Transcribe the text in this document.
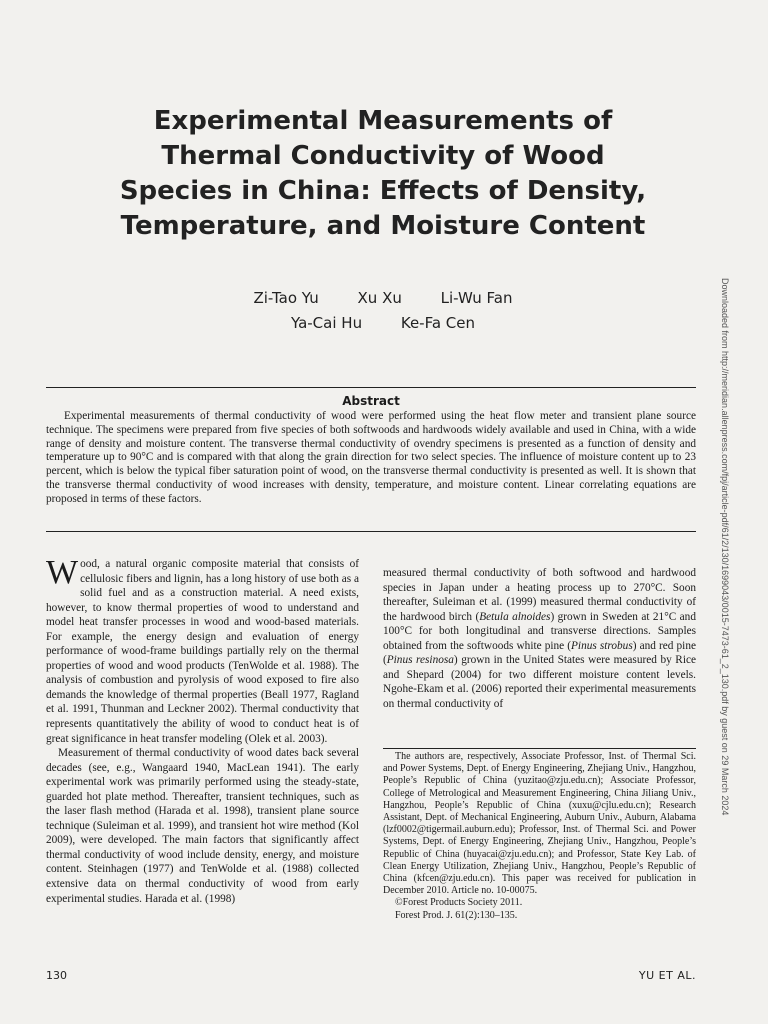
Experimental Measurements of
Thermal Conductivity of Wood
Species in China: Effects of Density,
Temperature, and Moisture Content
Zi-Tao Yu	Xu Xu	Li-Wu Fan
Ya-Cai Hu	Ke-Fa Cen
Abstract

Experimental measurements of thermal conductivity of wood were performed using the heat flow meter and transient plane source technique. The specimens were prepared from five species of both softwoods and hardwoods widely available and used in China, with a wide range of density and moisture content. The transverse thermal conductivity of ovendry specimens is presented as a function of density and temperature up to 90°C and is compared with that along the grain direction for two select species. The influence of moisture content up to 23 percent, which is below the typical fiber saturation point of wood, on the transverse thermal conductivity is presented as well. It is shown that the transverse thermal conductivity of wood increases with density, temperature, and moisture content. Linear correlating equations are proposed in terms of these factors.

Wood, a natural organic composite material that consists of cellulosic fibers and lignin, has a long history of use both as a solid fuel and as a construction material. A need exists, however, to know thermal properties of wood to understand and model heat transfer processes in wood and wood-based materials. For example, the energy design and evaluation of energy performance of wood-frame buildings partially rely on the thermal properties of wood and wood products (TenWolde et al. 1988). The analysis of combustion and pyrolysis of wood exposed to fire also demands the knowledge of thermal properties (Beall 1977, Ragland et al. 1991, Thunman and Leckner 2002). Thermal conductivity that represents quantitatively the ability of wood to conduct heat is of great significance in heat transfer modeling (Olek et al. 2003).

Measurement of thermal conductivity of wood dates back several decades (see, e.g., Wangaard 1940, MacLean 1941). The early experimental work was primarily performed using the steady-state, guarded hot plate method. Thereafter, transient techniques, such as the laser flash method (Harada et al. 1998), transient plane source technique (Suleiman et al. 1999), and transient hot wire method (Kol 2009), were developed. The main factors that significantly affect thermal conductivity of wood include density, energy, and moisture content. Steinhagen (1977) and TenWolde et al. (1988) collected extensive data on thermal conductivity of wood from early experimental studies. Harada et al. (1998)

measured thermal conductivity of both softwood and hardwood species in Japan under a heating process up to 270°C. Soon thereafter, Suleiman et al. (1999) measured thermal conductivity of the hardwood birch (Betula alnoides) grown in Sweden at 21°C and 100°C for both longitudinal and transverse directions. Samples obtained from the softwoods white pine (Pinus strobus) and red pine (Pinus resinosa) grown in the United States were measured by Rice and Shepard (2004) for two different moisture content levels. Ngohe-Ekam et al. (2006) reported their experimental measurements on thermal conductivity of

The authors are, respectively, Associate Professor, Inst. of Thermal Sci. and Power Systems, Dept. of Energy Engineering, Zhejiang Univ., Hangzhou, People’s Republic of China (yuzitao@zju.edu.cn); Associate Professor, College of Metrological and Measurement Engineering, China Jiliang Univ., Hangzhou, People’s Republic of China (xuxu@cjlu.edu.cn); Research Assistant, Dept. of Mechanical Engineering, Auburn Univ., Auburn, Alabama (lzf0002@tigermail.auburn.edu); Professor, Inst. of Thermal Sci. and Power Systems, Dept. of Energy Engineering, Zhejiang Univ., Hangzhou, People’s Republic of China (huyacai@zju.edu.cn); and Professor, State Key Lab. of Clean Energy Utilization, Zhejiang Univ., Hangzhou, People’s Republic of China (kfcen@zju.edu.cn). This paper was received for publication in December 2010. Article no. 10-00075.

©Forest Products Society 2011.

Forest Prod. J. 61(2):130–135.

130	YU ET AL.
Downloaded from http://meridian.allenpress.com/fpj/article-pdf/61/2/130/1699043/0015-7473-61_2_130.pdf by guest on 29 March 2024
